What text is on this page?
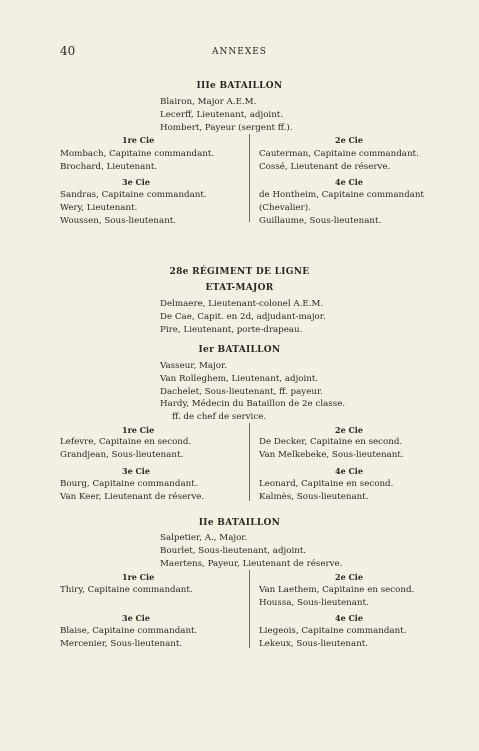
40	ANNEXES
IIIe BATAILLON
Blairon, Major A.E.M.
Lecerff, Lieutenant, adjoint.
Hombert, Payeur (sergent ff.).
1re Cie
Mombach, Capitaine commandant.
Brochard, Lieutenant.
2e Cie
Cauterman, Capitaine commandant.
Cossé, Lieutenant de réserve.
3e Cie
Sandras, Capitaine commandant.
Wery, Lieutenant.
Woussen, Sous-lieutenant.
4e Cie
de Hontheim, Capitaine commandant
(Chevalier).
Guillaume, Sous-lieutenant.
28e RÉGIMENT DE LIGNE
ETAT-MAJOR
Delmaere, Lieutenant-colonel A.E.M.
De Cae, Capit. en 2d, adjudant-major.
Pire, Lieutenant, porte-drapeau.
Ier BATAILLON
Vasseur, Major.
Van Rolleghem, Lieutenant, adjoint.
Dachelet, Sous-lieutenant, ff. payeur.
Hardy, Médecin du Bataillon de 2e classe.
ff. de chef de service.
1re Cie
Lefevre, Capitaine en second.
Grandjean, Sous-lieutenant.
2e Cie
De Decker, Capitaine en second.
Van Melkebeke, Sous-lieutenant.
3e Cie
Bourg, Capitaine commandant.
Van Keer, Lieutenant de réserve.
4e Cie
Leonard, Capitaine en second.
Kalmès, Sous-lieutenant.
IIe BATAILLON
Salpetier, A., Major.
Bourlet, Sous-lieutenant, adjoint.
Maertens, Payeur, Lieutenant de réserve.
1re Cie
Thiry, Capitaine commandant.
2e Cie
Van Laethem, Capitaine en second.
Houssa, Sous-lieutenant.
3e Cie
Blaise, Capitaine commandant.
Mercenier, Sous-lieutenant.
4e Cie
Liegeois, Capitaine commandant.
Lekeux, Sous-lieutenant.
